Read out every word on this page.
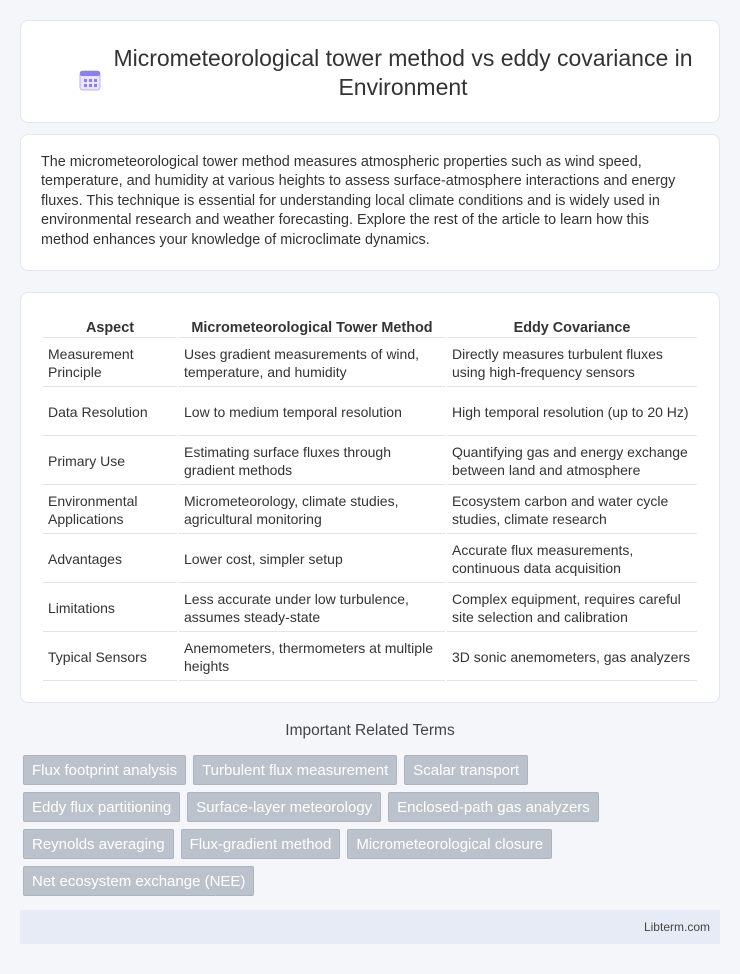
Micrometeorological tower method vs eddy covariance in Environment

The micrometeorological tower method measures atmospheric properties such as wind speed, temperature, and humidity at various heights to assess surface-atmosphere interactions and energy fluxes. This technique is essential for understanding local climate conditions and is widely used in environmental research and weather forecasting. Explore the rest of the article to learn how this method enhances your knowledge of microclimate dynamics.

Aspect	Micrometeorological Tower Method	Eddy Covariance
Measurement Principle	Uses gradient measurements of wind, temperature, and humidity	Directly measures turbulent fluxes using high-frequency sensors
Data Resolution	Low to medium temporal resolution	High temporal resolution (up to 20 Hz)
Primary Use	Estimating surface fluxes through gradient methods	Quantifying gas and energy exchange between land and atmosphere
Environmental Applications	Micrometeorology, climate studies, agricultural monitoring	Ecosystem carbon and water cycle studies, climate research
Advantages	Lower cost, simpler setup	Accurate flux measurements, continuous data acquisition
Limitations	Less accurate under low turbulence, assumes steady-state	Complex equipment, requires careful site selection and calibration
Typical Sensors	Anemometers, thermometers at multiple heights	3D sonic anemometers, gas analyzers
Important Related Terms
Flux footprint analysis	Turbulent flux measurement	Scalar transport
Eddy flux partitioning	Surface-layer meteorology	Enclosed-path gas analyzers
Reynolds averaging	Flux-gradient method	Micrometeorological closure
Net ecosystem exchange (NEE)
Libterm.com
